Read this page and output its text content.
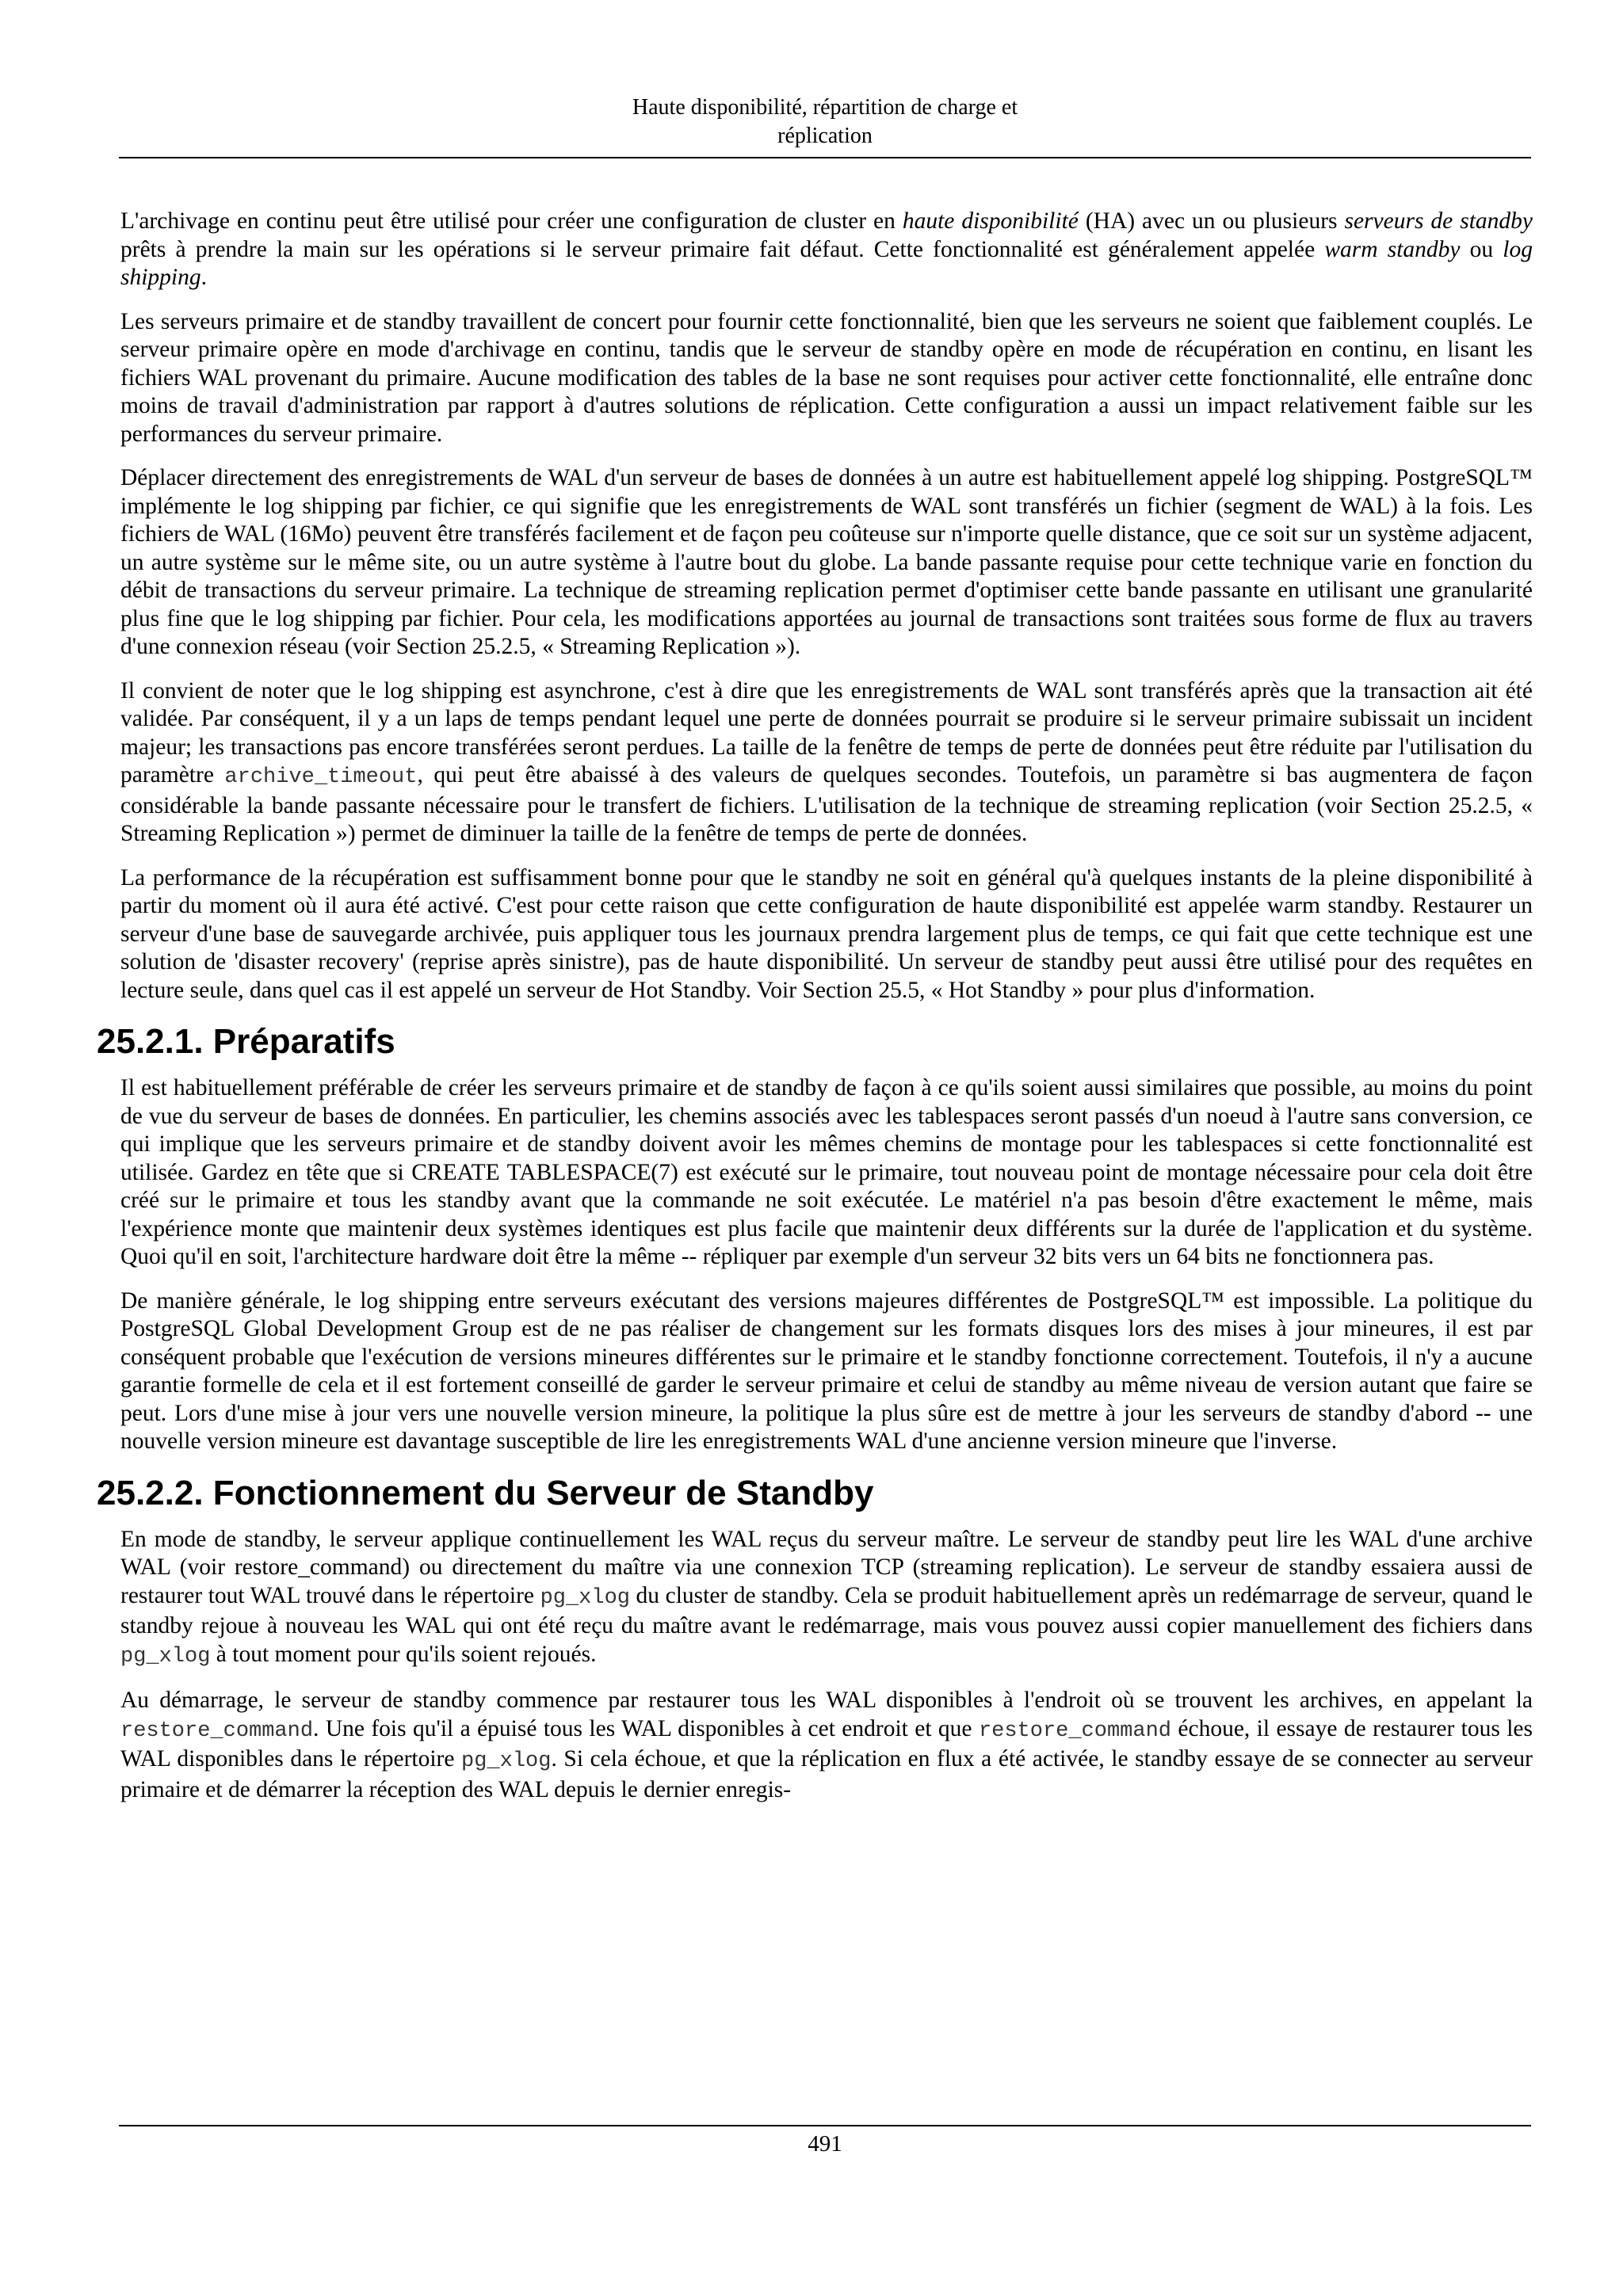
Haute disponibilité, répartition de charge et
réplication

L'archivage en continu peut être utilisé pour créer une configuration de cluster en haute disponibilité (HA) avec un ou plusieurs serveurs de standby prêts à prendre la main sur les opérations si le serveur primaire fait défaut. Cette fonctionnalité est généralement appelée warm standby ou log shipping.

Les serveurs primaire et de standby travaillent de concert pour fournir cette fonctionnalité, bien que les serveurs ne soient que faiblement couplés. Le serveur primaire opère en mode d'archivage en continu, tandis que le serveur de standby opère en mode de récupération en continu, en lisant les fichiers WAL provenant du primaire. Aucune modification des tables de la base ne sont requises pour activer cette fonctionnalité, elle entraîne donc moins de travail d'administration par rapport à d'autres solutions de réplication. Cette configuration a aussi un impact relativement faible sur les performances du serveur primaire.

Déplacer directement des enregistrements de WAL d'un serveur de bases de données à un autre est habituellement appelé log shipping. PostgreSQL™ implémente le log shipping par fichier, ce qui signifie que les enregistrements de WAL sont transférés un fichier (segment de WAL) à la fois. Les fichiers de WAL (16Mo) peuvent être transférés facilement et de façon peu coûteuse sur n'importe quelle distance, que ce soit sur un système adjacent, un autre système sur le même site, ou un autre système à l'autre bout du globe. La bande passante requise pour cette technique varie en fonction du débit de transactions du serveur primaire. La technique de streaming replication permet d'optimiser cette bande passante en utilisant une granularité plus fine que le log shipping par fichier. Pour cela, les modifications apportées au journal de transactions sont traitées sous forme de flux au travers d'une connexion réseau (voir Section 25.2.5, « Streaming Replication »).

Il convient de noter que le log shipping est asynchrone, c'est à dire que les enregistrements de WAL sont transférés après que la transaction ait été validée. Par conséquent, il y a un laps de temps pendant lequel une perte de données pourrait se produire si le serveur primaire subissait un incident majeur; les transactions pas encore transférées seront perdues. La taille de la fenêtre de temps de perte de données peut être réduite par l'utilisation du paramètre archive_timeout, qui peut être abaissé à des valeurs de quelques secondes. Toutefois, un paramètre si bas augmentera de façon considérable la bande passante nécessaire pour le transfert de fichiers. L'utilisation de la technique de streaming replication (voir Section 25.2.5, « Streaming Replication ») permet de diminuer la taille de la fenêtre de temps de perte de données.

La performance de la récupération est suffisamment bonne pour que le standby ne soit en général qu'à quelques instants de la pleine disponibilité à partir du moment où il aura été activé. C'est pour cette raison que cette configuration de haute disponibilité est appelée warm standby. Restaurer un serveur d'une base de sauvegarde archivée, puis appliquer tous les journaux prendra largement plus de temps, ce qui fait que cette technique est une solution de 'disaster recovery' (reprise après sinistre), pas de haute disponibilité. Un serveur de standby peut aussi être utilisé pour des requêtes en lecture seule, dans quel cas il est appelé un serveur de Hot Standby. Voir Section 25.5, « Hot Standby » pour plus d'information.

25.2.1. Préparatifs

Il est habituellement préférable de créer les serveurs primaire et de standby de façon à ce qu'ils soient aussi similaires que possible, au moins du point de vue du serveur de bases de données. En particulier, les chemins associés avec les tablespaces seront passés d'un noeud à l'autre sans conversion, ce qui implique que les serveurs primaire et de standby doivent avoir les mêmes chemins de montage pour les tablespaces si cette fonctionnalité est utilisée. Gardez en tête que si CREATE TABLESPACE(7) est exécuté sur le primaire, tout nouveau point de montage nécessaire pour cela doit être créé sur le primaire et tous les standby avant que la commande ne soit exécutée. Le matériel n'a pas besoin d'être exactement le même, mais l'expérience monte que maintenir deux systèmes identiques est plus facile que maintenir deux différents sur la durée de l'application et du système. Quoi qu'il en soit, l'architecture hardware doit être la même -- répliquer par exemple d'un serveur 32 bits vers un 64 bits ne fonctionnera pas.

De manière générale, le log shipping entre serveurs exécutant des versions majeures différentes de PostgreSQL™ est impossible. La politique du PostgreSQL Global Development Group est de ne pas réaliser de changement sur les formats disques lors des mises à jour mineures, il est par conséquent probable que l'exécution de versions mineures différentes sur le primaire et le standby fonctionne correctement. Toutefois, il n'y a aucune garantie formelle de cela et il est fortement conseillé de garder le serveur primaire et celui de standby au même niveau de version autant que faire se peut. Lors d'une mise à jour vers une nouvelle version mineure, la politique la plus sûre est de mettre à jour les serveurs de standby d'abord -- une nouvelle version mineure est davantage susceptible de lire les enregistrements WAL d'une ancienne version mineure que l'inverse.

25.2.2. Fonctionnement du Serveur de Standby

En mode de standby, le serveur applique continuellement les WAL reçus du serveur maître. Le serveur de standby peut lire les WAL d'une archive WAL (voir restore_command) ou directement du maître via une connexion TCP (streaming replication). Le serveur de standby essaiera aussi de restaurer tout WAL trouvé dans le répertoire pg_xlog du cluster de standby. Cela se produit habituellement après un redémarrage de serveur, quand le standby rejoue à nouveau les WAL qui ont été reçu du maître avant le redémarrage, mais vous pouvez aussi copier manuellement des fichiers dans pg_xlog à tout moment pour qu'ils soient rejoués.

Au démarrage, le serveur de standby commence par restaurer tous les WAL disponibles à l'endroit où se trouvent les archives, en appelant la restore_command. Une fois qu'il a épuisé tous les WAL disponibles à cet endroit et que restore_command échoue, il essaye de restaurer tous les WAL disponibles dans le répertoire pg_xlog. Si cela échoue, et que la réplication en flux a été activée, le standby essaye de se connecter au serveur primaire et de démarrer la réception des WAL depuis le dernier enregis-

491
